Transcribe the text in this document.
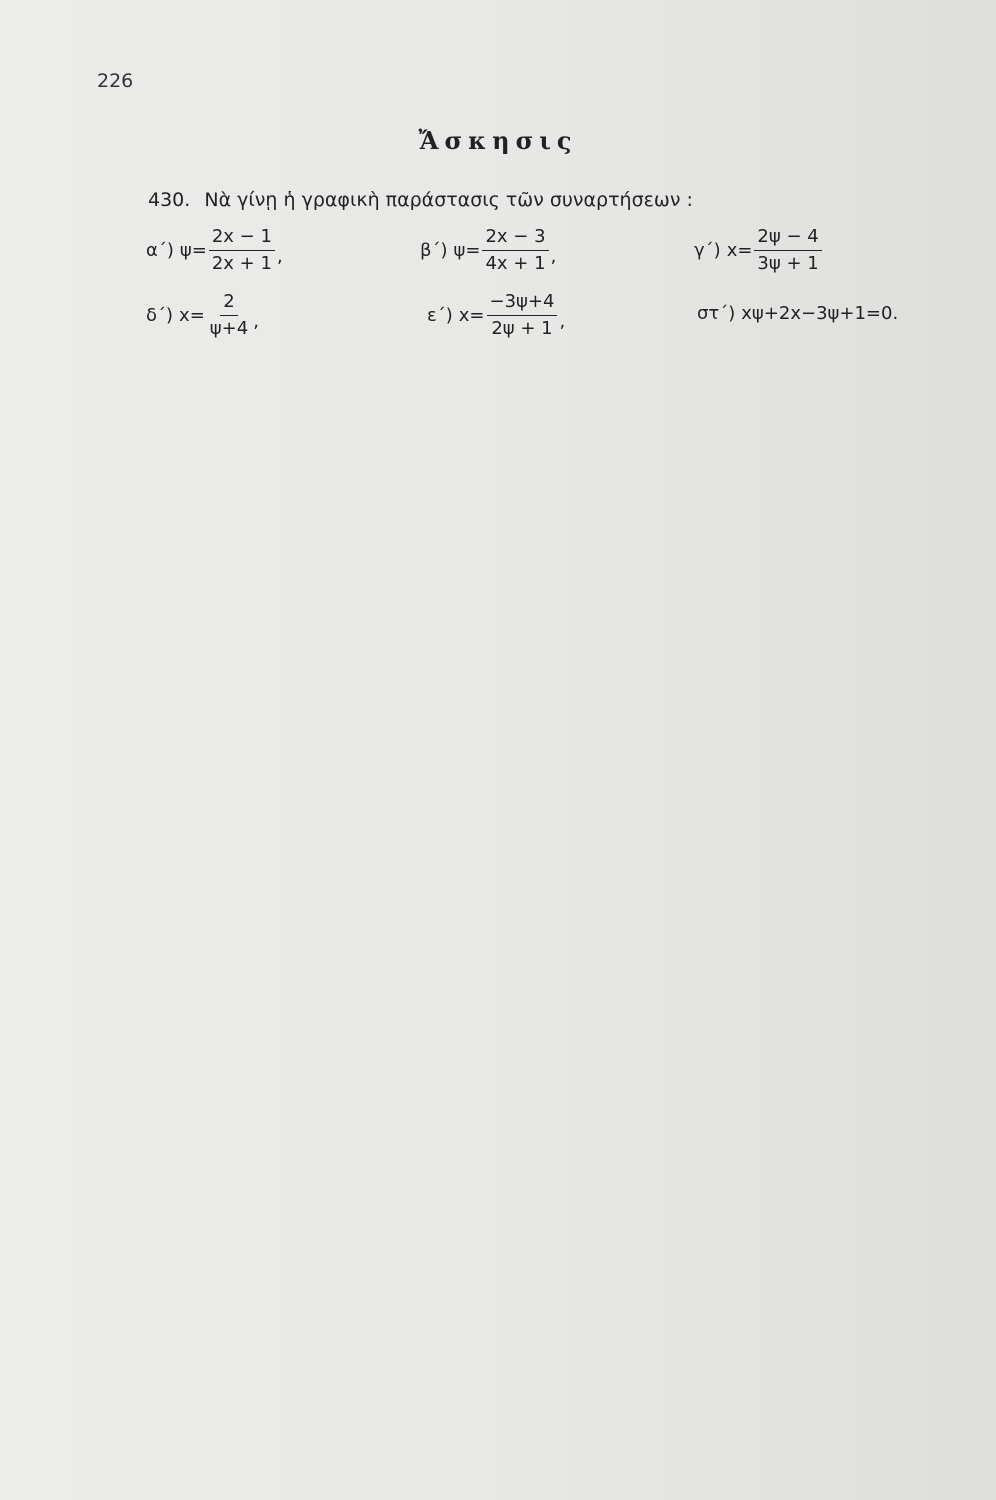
226
Ἄσκησις
430. Νὰ γίνῃ ἡ γραφικὴ παράστασις τῶν συναρτήσεων :
α΄) $\psi= \frac{2x - 1}{2x + 1}$ ,	β΄) $\psi= \frac{2x - 3}{4x + 1}$ ,	γ΄) $x= \frac{2\psi - 4}{3\psi + 1}$
δ΄) $x= \frac{2}{\psi+4}$ ,	ε΄) $x= \frac{-3\psi+4}{2\psi + 1}$ ,	στ΄) xψ+2x−3ψ+1=0.
